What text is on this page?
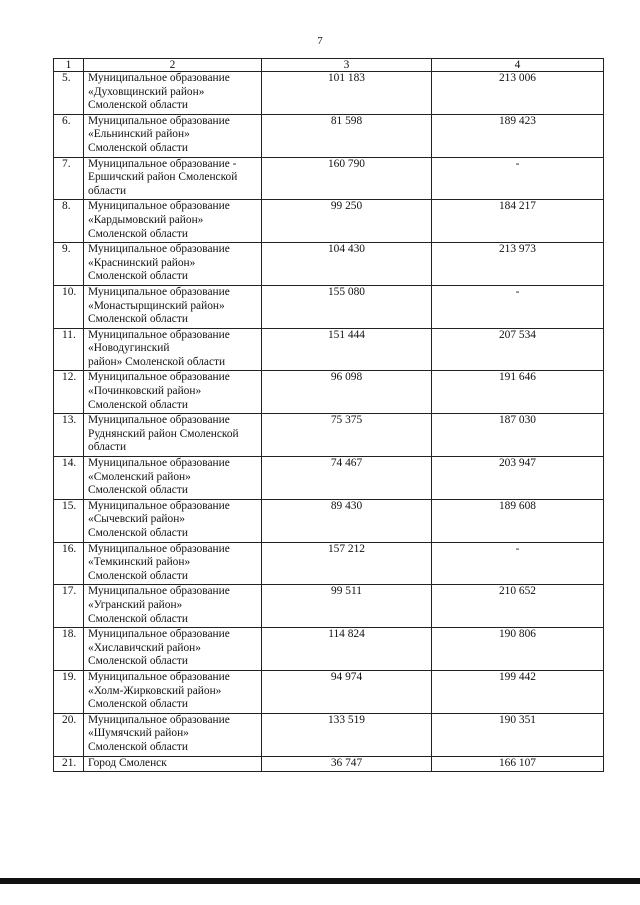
7
1	2	3	4
5.	Муниципальное образование
«Духовщинский район»
Смоленской области	101 183	213 006
6.	Муниципальное образование
«Ельнинский район»
Смоленской области	81 598	189 423
7.	Муниципальное образование -
Ершичский район Смоленской
области	160 790	-
8.	Муниципальное образование
«Кардымовский район»
Смоленской области	99 250	184 217
9.	Муниципальное образование
«Краснинский район»
Смоленской области	104 430	213 973
10.	Муниципальное образование
«Монастырщинский район»
Смоленской области	155 080	-
11.	Муниципальное образование
«Новодугинский
район» Смоленской области	151 444	207 534
12.	Муниципальное образование
«Починковский район»
Смоленской области	96 098	191 646
13.	Муниципальное образование
Руднянский район Смоленской
области	75 375	187 030
14.	Муниципальное образование
«Смоленский район»
Смоленской области	74 467	203 947
15.	Муниципальное образование
«Сычевский район»
Смоленской области	89 430	189 608
16.	Муниципальное образование
«Темкинский район»
Смоленской области	157 212	-
17.	Муниципальное образование
«Угранский район»
Смоленской области	99 511	210 652
18.	Муниципальное образование
«Хиславичский район»
Смоленской области	114 824	190 806
19.	Муниципальное образование
«Холм-Жирковский район»
Смоленской области	94 974	199 442
20.	Муниципальное образование
«Шумячский район»
Смоленской области	133 519	190 351
21.	Город Смоленск	36 747	166 107
